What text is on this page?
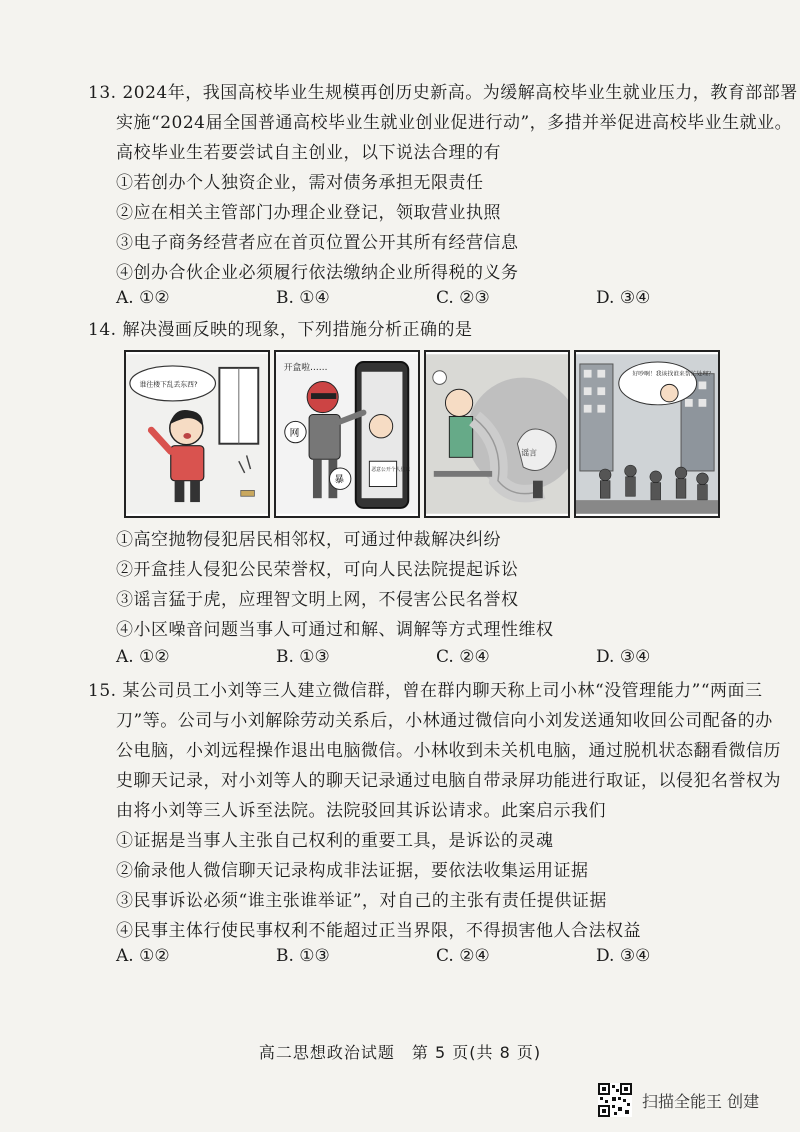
13. 2024年，我国高校毕业生规模再创历史新高。为缓解高校毕业生就业压力，教育部部署
实施“2024届全国普通高校毕业生就业创业促进行动”，多措并举促进高校毕业生就业。
高校毕业生若要尝试自主创业，以下说法合理的有
①若创办个人独资企业，需对债务承担无限责任
②应在相关主管部门办理企业登记，领取营业执照
③电子商务经营者应在首页位置公开其所有经营信息
④创办合伙企业必须履行依法缴纳企业所得税的义务
A. ①②	B. ①④	C. ②③	D. ③④
14. 解决漫画反映的现象，下列措施分析正确的是
谁往楼下乱丢东西?
开盒啦……
恶意公开个人信息
网
暴
谣言
好吵啊！我该找谁来帮忙处理？
①高空抛物侵犯居民相邻权，可通过仲裁解决纠纷
②开盒挂人侵犯公民荣誉权，可向人民法院提起诉讼
③谣言猛于虎，应理智文明上网，不侵害公民名誉权
④小区噪音问题当事人可通过和解、调解等方式理性维权
A. ①②	B. ①③	C. ②④	D. ③④
15. 某公司员工小刘等三人建立微信群，曾在群内聊天称上司小林“没管理能力”“两面三
刀”等。公司与小刘解除劳动关系后，小林通过微信向小刘发送通知收回公司配备的办
公电脑，小刘远程操作退出电脑微信。小林收到未关机电脑，通过脱机状态翻看微信历
史聊天记录，对小刘等人的聊天记录通过电脑自带录屏功能进行取证，以侵犯名誉权为
由将小刘等三人诉至法院。法院驳回其诉讼请求。此案启示我们
①证据是当事人主张自己权利的重要工具，是诉讼的灵魂
②偷录他人微信聊天记录构成非法证据，要依法收集运用证据
③民事诉讼必须“谁主张谁举证”，对自己的主张有责任提供证据
④民事主体行使民事权利不能超过正当界限，不得损害他人合法权益
A. ①②	B. ①③	C. ②④	D. ③④
高二思想政治试题　第 5 页(共 8 页)
扫描全能王 创建
